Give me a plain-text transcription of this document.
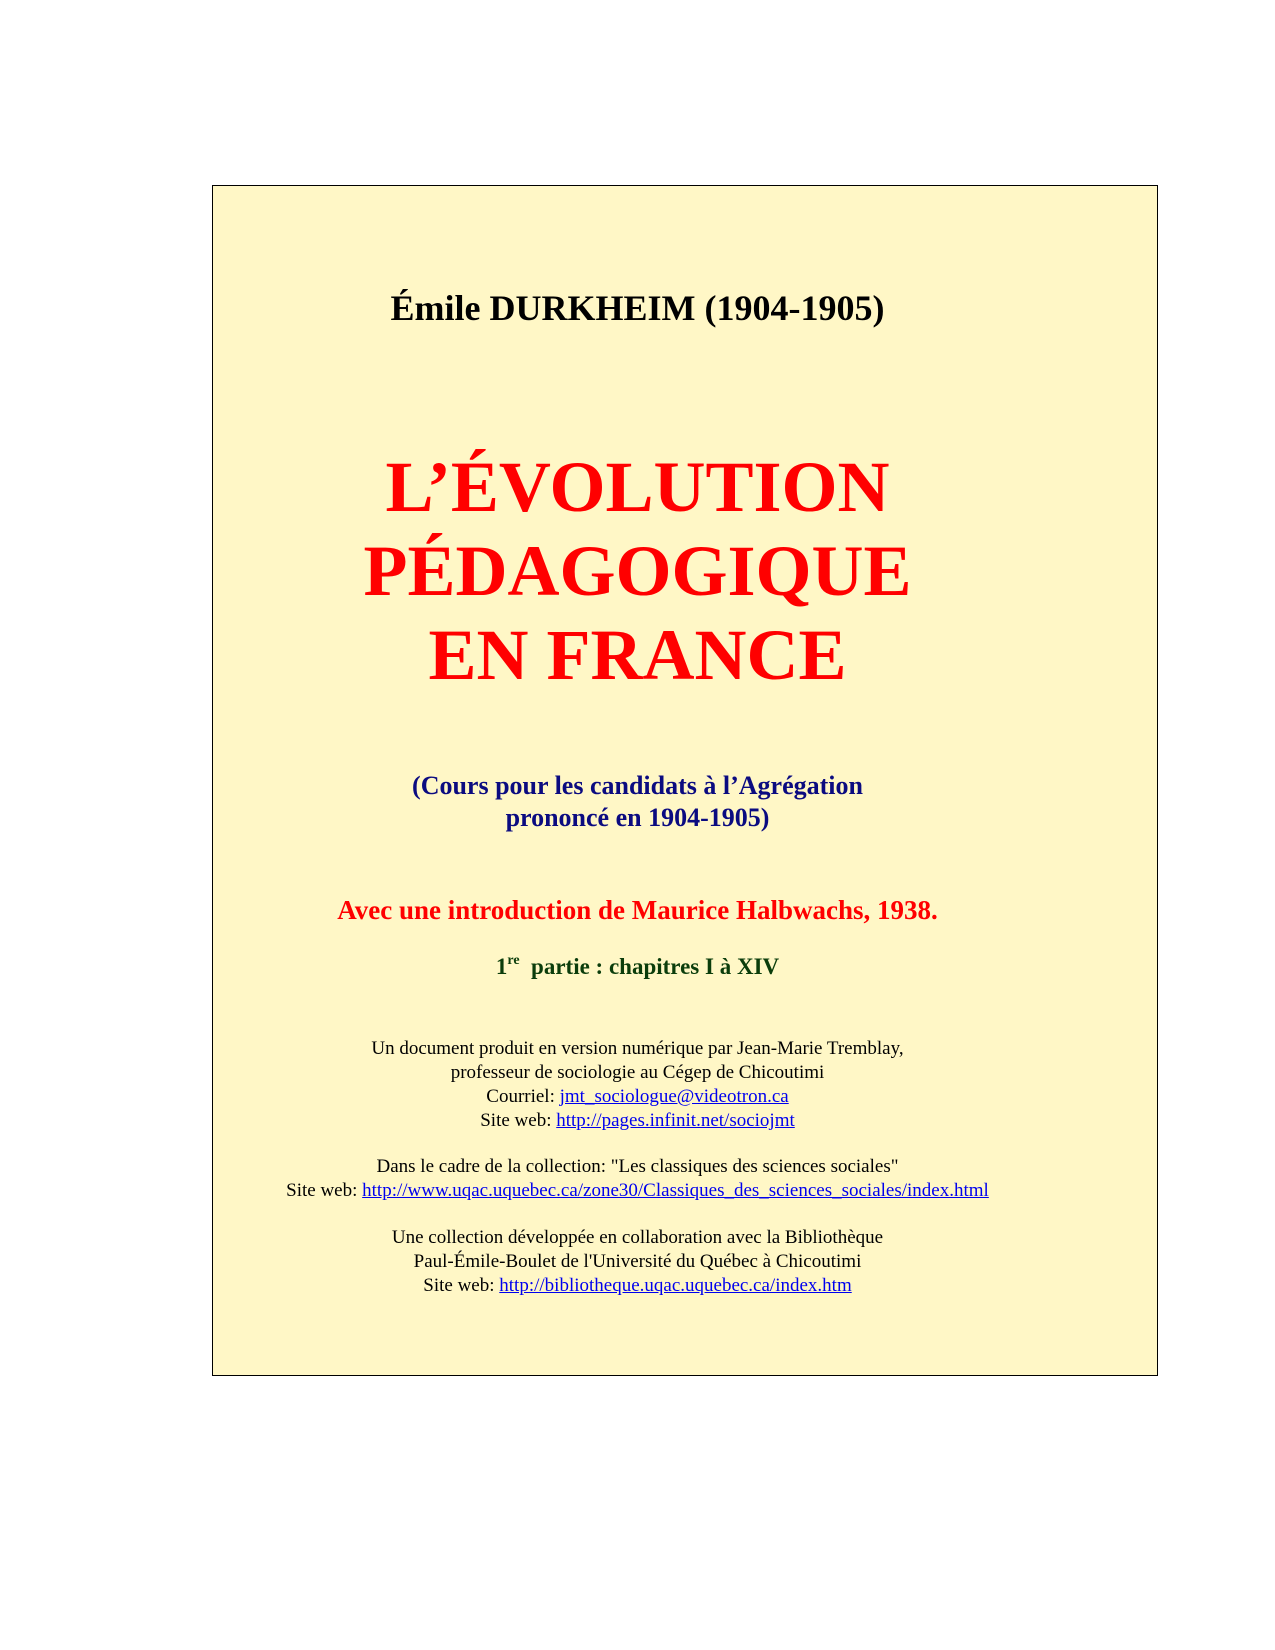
Émile DURKHEIM (1904-1905)
L’ÉVOLUTION
PÉDAGOGIQUE
EN FRANCE
(Cours pour les candidats à l’Agrégation
prononcé en 1904-1905)
Avec une introduction de Maurice Halbwachs, 1938.
1re partie : chapitres I à XIV
Un document produit en version numérique par Jean-Marie Tremblay,
professeur de sociologie au Cégep de Chicoutimi
Courriel: jmt_sociologue@videotron.ca
Site web: http://pages.infinit.net/sociojmt
Dans le cadre de la collection: "Les classiques des sciences sociales"
Site web: http://www.uqac.uquebec.ca/zone30/Classiques_des_sciences_sociales/index.html
Une collection développée en collaboration avec la Bibliothèque
Paul-Émile-Boulet de l'Université du Québec à Chicoutimi
Site web: http://bibliotheque.uqac.uquebec.ca/index.htm
